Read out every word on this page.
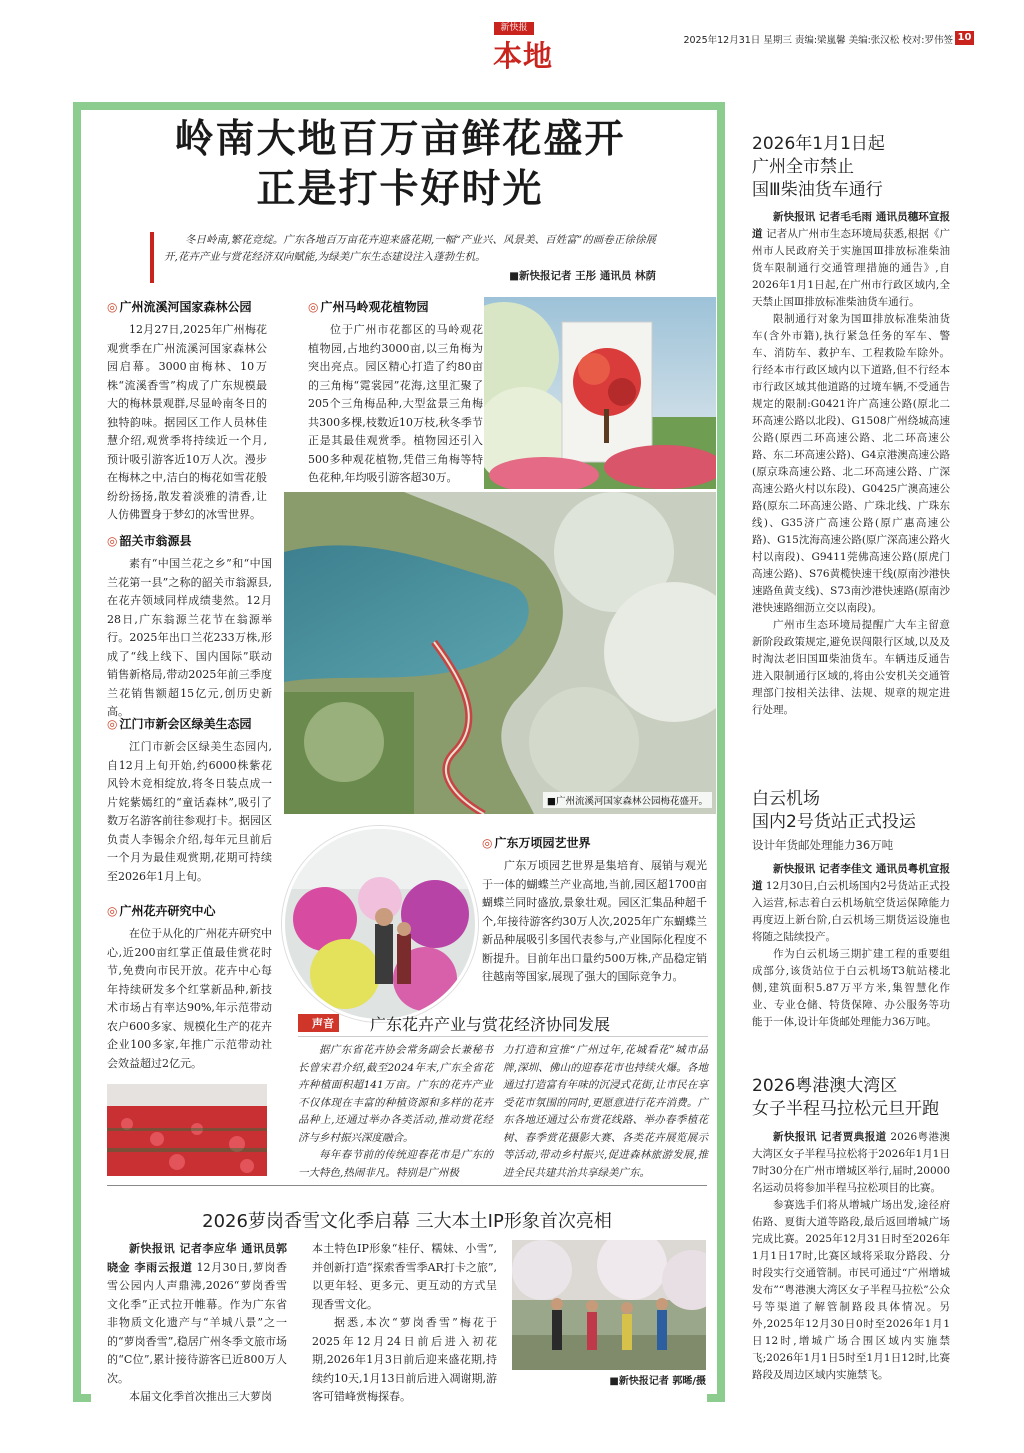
新快报
本地	2025年12月31日 星期三 责编:梁嵐馨 美编:张汉松 校对:罗伟签 10
岭南大地百万亩鲜花盛开
正是打卡好时光

冬日岭南,繁花竞绽。广东各地百万亩花卉迎来盛花期,一幅“产业兴、风景美、百姓富”的画卷正徐徐展开,花卉产业与赏花经济双向赋能,为绿美广东生态建设注入蓬勃生机。

■新快报记者 王彤 通讯员 林荫
◎ 广州流溪河国家森林公园

12月27日,2025年广州梅花观赏季在广州流溪河国家森林公园启幕。3000亩梅林、10万株“流溪香雪”构成了广东规模最大的梅林景观群,尽显岭南冬日的独特韵味。据园区工作人员林佳慧介绍,观赏季将持续近一个月,预计吸引游客近10万人次。漫步在梅林之中,洁白的梅花如雪花般纷纷扬扬,散发着淡雅的清香,让人仿佛置身于梦幻的冰雪世界。

◎ 广州马岭观花植物园

位于广州市花都区的马岭观花植物园,占地约3000亩,以三角梅为突出亮点。园区精心打造了约80亩的三角梅“霓裳园”花海,这里汇聚了205个三角梅品种,大型盆景三角梅共300多棵,枝数近10万枝,秋冬季节正是其最佳观赏季。植物园还引入500多种观花植物,凭借三角梅等特色花种,年均吸引游客超30万。

■广州流溪河国家森林公园梅花盛开。
◎ 韶关市翁源县

素有“中国兰花之乡”和“中国兰花第一县”之称的韶关市翁源县,在花卉领域同样成绩斐然。12月28日,广东翁源兰花节在翁源举行。2025年出口兰花233万株,形成了“线上线下、国内国际”联动销售新格局,带动2025年前三季度兰花销售额超15亿元,创历史新高。

◎ 江门市新会区绿美生态园

江门市新会区绿美生态园内,自12月上旬开始,约6000株紫花风铃木竞相绽放,将冬日装点成一片姹紫嫣红的“童话森林”,吸引了数万名游客前往参观打卡。据园区负责人李锡余介绍,每年元旦前后一个月为最佳观赏期,花期可持续至2026年1月上旬。

◎ 广州花卉研究中心

在位于从化的广州花卉研究中心,近200亩红掌正值最佳赏花时节,免费向市民开放。花卉中心每年持续研发多个红掌新品种,新技术市场占有率达90%,年示范带动农户600多家、规模化生产的花卉企业100多家,年推广示范带动社会效益超过2亿元。

◎ 广东万顷园艺世界

广东万顷园艺世界是集培育、展销与观光于一体的蝴蝶兰产业高地,当前,园区超1700亩蝴蝶兰同时盛放,景象壮观。园区汇集品种超千个,年接待游客约30万人次,2025年广东蝴蝶兰新品种展吸引多国代表参与,产业国际化程度不断提升。目前年出口量约500万株,产品稳定销往越南等国家,展现了强大的国际竞争力。

声音	广东花卉产业与赏花经济协同发展

据广东省花卉协会常务副会长兼秘书长曾宋君介绍,截至2024年末,广东全省花卉种植面积超141万亩。广东的花卉产业不仅体现在丰富的种植资源和多样的花卉品种上,还通过举办各类活动,推动赏花经济与乡村振兴深度融合。

每年春节前的传统迎春花市是广东的一大特色,热闹非凡。特别是广州极

力打造和宣推“广州过年,花城看花”城市品牌,深圳、佛山的迎春花市也持续火爆。各地通过打造富有年味的沉浸式花街,让市民在享受花市氛围的同时,更愿意进行花卉消费。广东各地还通过公布赏花线路、举办春季植花树、春季赏花摄影大赛、各类花卉展览展示等活动,带动乡村振兴,促进森林旅游发展,推进全民共建共治共享绿美广东。

2026萝岗香雪文化季启幕 三大本土IP形象首次亮相

新快报讯 记者李应华 通讯员郭晓金 李雨云报道 12月30日,萝岗香雪公园内人声鼎沸,2026“萝岗香雪文化季”正式拉开帷幕。作为广东省非物质文化遗产与“羊城八景”之一的“萝岗香雪”,稳居广州冬季文旅市场的“C位”,累计接待游客已近800万人次。

本届文化季首次推出三大萝岗

本土特色IP形象“桂仔、糯妹、小雪”,并创新打造“探索香雪季AR打卡之旅”,以更年轻、更多元、更互动的方式呈现香雪文化。

据悉,本次“萝岗香雪”梅花于2025年12月24日前后进入初花期,2026年1月3日前后迎来盛花期,持续约10天,1月13日前后进入凋谢期,游客可错峰赏梅探春。

■新快报记者 郭晞/摄
2026年1月1日起
广州全市禁止
国Ⅲ柴油货车通行

新快报讯 记者毛毛雨 通讯员穗环宣报道 记者从广州市生态环境局获悉,根据《广州市人民政府关于实施国Ⅲ排放标准柴油货车限制通行交通管理措施的通告》,自2026年1月1日起,在广州市行政区域内,全天禁止国Ⅲ排放标准柴油货车通行。

限制通行对象为国Ⅲ排放标准柴油货车(含外市籍),执行紧急任务的军车、警车、消防车、救护车、工程救险车除外。行经本市行政区域内以下道路,但不行经本市行政区域其他道路的过境车辆,不受通告规定的限制:G0421许广高速公路(原北二环高速公路以北段)、G1508广州绕城高速公路(原西二环高速公路、北二环高速公路、东二环高速公路)、G4京港澳高速公路(原京珠高速公路、北二环高速公路、广深高速公路火村以东段)、G0425广澳高速公路(原东二环高速公路、广珠北线、广珠东线)、G35济广高速公路(原广惠高速公路)、G15沈海高速公路(原广深高速公路火村以南段)、G9411莞佛高速公路(原虎门高速公路)、S76黄榄快速干线(原南沙港快速路鱼黄支线)、S73南沙港快速路(原南沙港快速路细沥立交以南段)。

广州市生态环境局提醒广大车主留意新阶段政策规定,避免误闯限行区域,以及及时淘汰老旧国Ⅲ柴油货车。车辆违反通告进入限制通行区域的,将由公安机关交通管理部门按相关法律、法规、规章的规定进行处理。

白云机场
国内2号货站正式投运
设计年货邮处理能力36万吨

新快报讯 记者李佳文 通讯员粤机宣报道 12月30日,白云机场国内2号货站正式投入运营,标志着白云机场航空货运保障能力再度迈上新台阶,白云机场三期货运设施也将随之陆续投产。

作为白云机场三期扩建工程的重要组成部分,该货站位于白云机场T3航站楼北侧,建筑面积5.87万平方米,集智慧化作业、专业仓储、特货保障、办公服务等功能于一体,设计年货邮处理能力36万吨。

2026粤港澳大湾区
女子半程马拉松元旦开跑

新快报讯 记者贾典报道 2026粤港澳大湾区女子半程马拉松将于2026年1月1日7时30分在广州市增城区举行,届时,20000名运动员将参加半程马拉松项目的比赛。

参赛选手们将从增城广场出发,途径府佑路、夏街大道等路段,最后返回增城广场完成比赛。2025年12月31日时至2026年1月1日17时,比赛区域将采取分路段、分时段实行交通管制。市民可通过“广州增城发布”“粤港澳大湾区女子半程马拉松”公众号等渠道了解管制路段具体情况。另外,2025年12月30日0时至2026年1月1日12时,增城广场合围区域内实施禁飞;2026年1月1日5时至1月1日12时,比赛路段及周边区域内实施禁飞。
